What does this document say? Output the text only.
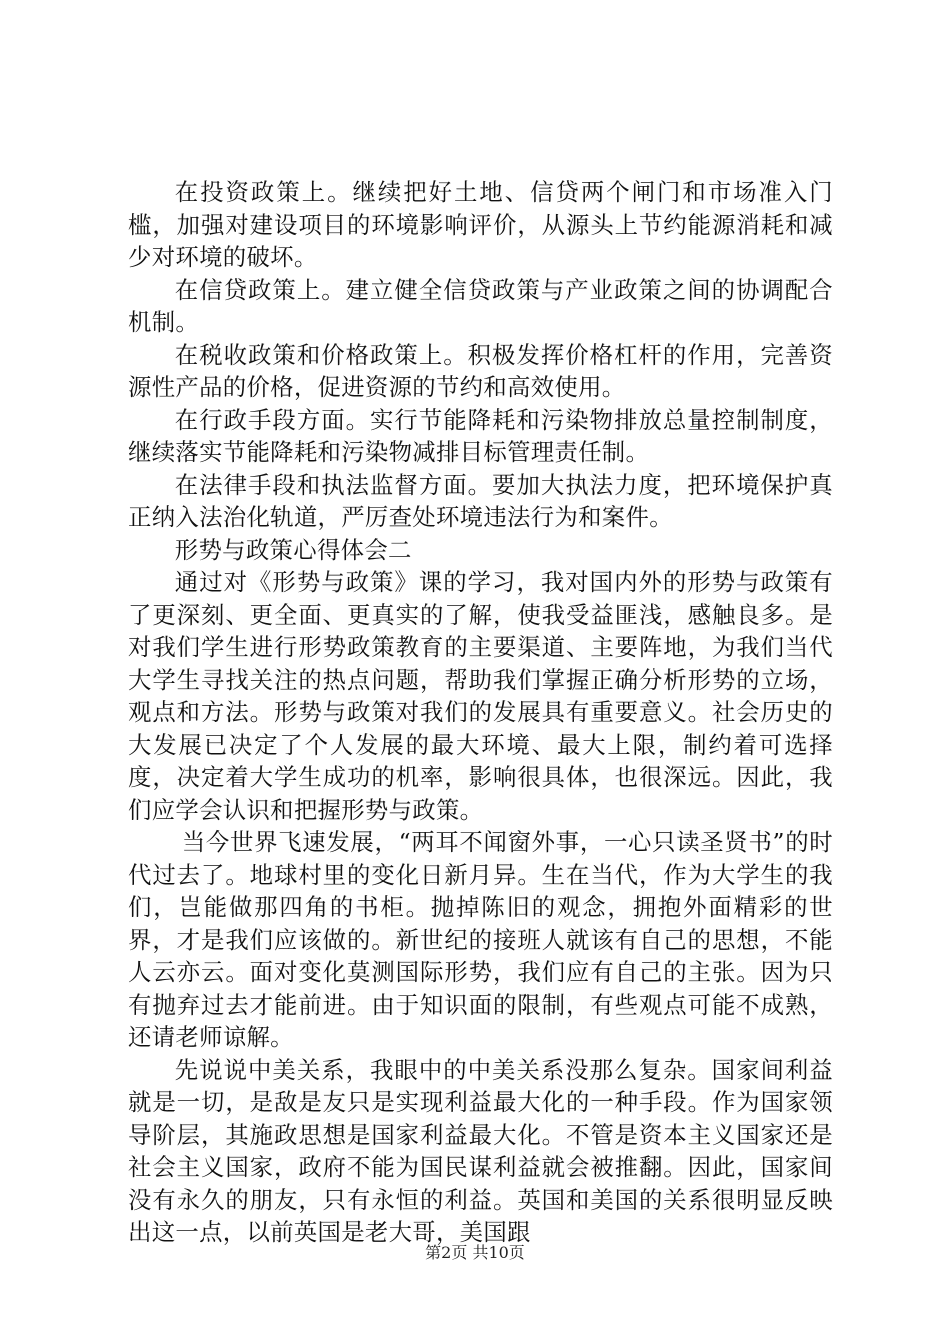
在投资政策上。继续把好土地、信贷两个闸门和市场准入门槛，加强对建设项目的环境影响评价，从源头上节约能源消耗和减少对环境的破坏。

在信贷政策上。建立健全信贷政策与产业政策之间的协调配合机制。

在税收政策和价格政策上。积极发挥价格杠杆的作用，完善资源性产品的价格，促进资源的节约和高效使用。

在行政手段方面。实行节能降耗和污染物排放总量控制制度，继续落实节能降耗和污染物减排目标管理责任制。

在法律手段和执法监督方面。要加大执法力度，把环境保护真正纳入法治化轨道，严厉查处环境违法行为和案件。

形势与政策心得体会二

通过对《形势与政策》课的学习，我对国内外的形势与政策有了更深刻、更全面、更真实的了解，使我受益匪浅，感触良多。是对我们学生进行形势政策教育的主要渠道、主要阵地，为我们当代大学生寻找关注的热点问题，帮助我们掌握正确分析形势的立场，观点和方法。形势与政策对我们的发展具有重要意义。社会历史的大发展已决定了个人发展的最大环境、最大上限，制约着可选择度，决定着大学生成功的机率，影响很具体，也很深远。因此，我们应学会认识和把握形势与政策。

当今世界飞速发展，“两耳不闻窗外事，一心只读圣贤书”的时代过去了。地球村里的变化日新月异。生在当代，作为大学生的我们，岂能做那四角的书柜。抛掉陈旧的观念，拥抱外面精彩的世界，才是我们应该做的。新世纪的接班人就该有自己的思想，不能人云亦云。面对变化莫测国际形势，我们应有自己的主张。因为只有抛弃过去才能前进。由于知识面的限制，有些观点可能不成熟，还请老师谅解。

先说说中美关系，我眼中的中美关系没那么复杂。国家间利益就是一切，是敌是友只是实现利益最大化的一种手段。作为国家领导阶层，其施政思想是国家利益最大化。不管是资本主义国家还是社会主义国家，政府不能为国民谋利益就会被推翻。因此，国家间没有永久的朋友，只有永恒的利益。英国和美国的关系很明显反映出这一点，以前英国是老大哥，美国跟

第2页 共10页
